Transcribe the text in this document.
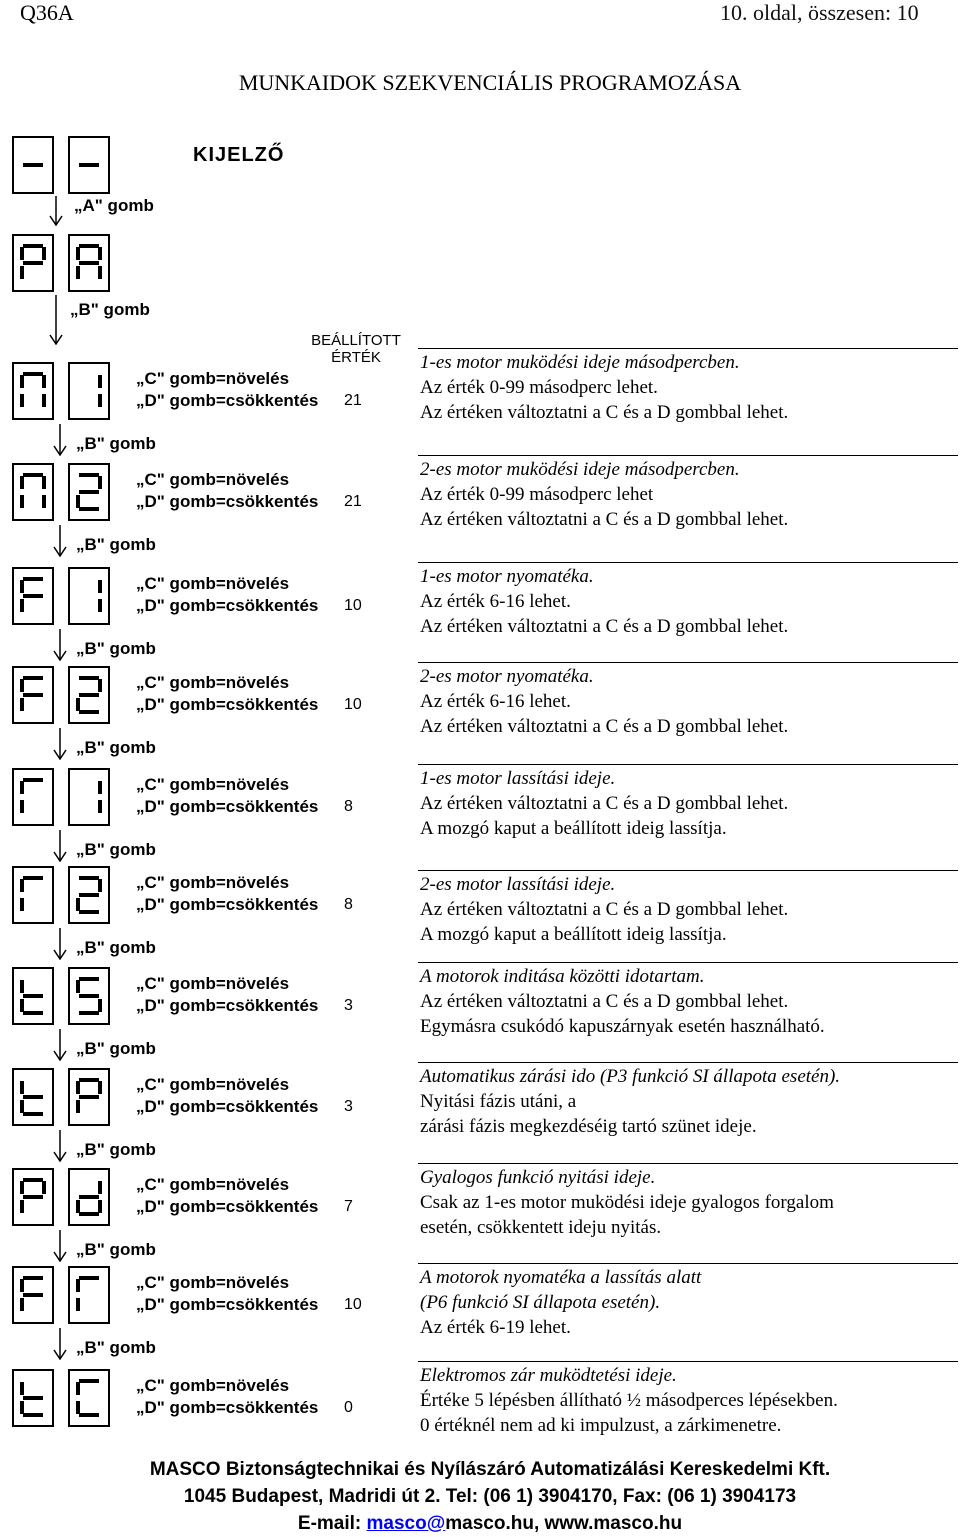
Q36A	10. oldal, összesen: 10
MUNKAIDOK SZEKVENCIÁLIS PROGRAMOZÁSA
KIJELZŐ
BEÁLLÍTOTT
ÉRTÉK
„A" gomb
„B" gomb
„C" gomb=növelés
„D" gomb=csökkentés 21
„B" gomb
„C" gomb=növelés
„D" gomb=csökkentés 21
„B" gomb
„C" gomb=növelés
„D" gomb=csökkentés 10
„B" gomb
„C" gomb=növelés
„D" gomb=csökkentés 10
„B" gomb
„C" gomb=növelés
„D" gomb=csökkentés 8
„B" gomb
„C" gomb=növelés
„D" gomb=csökkentés 8
„B" gomb
„C" gomb=növelés
„D" gomb=csökkentés 3
„B" gomb
„C" gomb=növelés
„D" gomb=csökkentés 3
„B" gomb
„C" gomb=növelés
„D" gomb=csökkentés 7
„B" gomb
„C" gomb=növelés
„D" gomb=csökkentés 10
„B" gomb
„C" gomb=növelés
„D" gomb=csökkentés 0
1-es motor muködési ideje másodpercben.
Az érték 0-99 másodperc lehet.
Az értéken változtatni a C és a D gombbal lehet.
2-es motor muködési ideje másodpercben.
Az érték 0-99 másodperc lehet
Az értéken változtatni a C és a D gombbal lehet.
1-es motor nyomatéka.
Az érték 6-16 lehet.
Az értéken változtatni a C és a D gombbal lehet.
2-es motor nyomatéka.
Az érték 6-16 lehet.
Az értéken változtatni a C és a D gombbal lehet.
1-es motor lassítási ideje.
Az értéken változtatni a C és a D gombbal lehet.
A mozgó kaput a beállított ideig lassítja.
2-es motor lassítási ideje.
Az értéken változtatni a C és a D gombbal lehet.
A mozgó kaput a beállított ideig lassítja.
A motorok inditása közötti idotartam.
Az értéken változtatni a C és a D gombbal lehet.
Egymásra csukódó kapuszárnyak esetén használható.
Automatikus zárási ido (P3 funkció SI állapota esetén).
Nyitási fázis utáni, a
zárási fázis megkezdéséig tartó szünet ideje.
Gyalogos funkció nyitási ideje.
Csak az 1-es motor muködési ideje gyalogos forgalom
esetén, csökkentett ideju nyitás.
A motorok nyomatéka a lassítás alatt
(P6 funkció SI állapota esetén).
Az érték 6-19 lehet.
Elektromos zár muködtetési ideje.
Értéke 5 lépésben állítható ½ másodperces lépésekben.
0 értéknél nem ad ki impulzust, a zárkimenetre.
MASCO Biztonságtechnikai és Nyílászáró Automatizálási Kereskedelmi Kft.
1045 Budapest, Madridi út 2. Tel: (06 1) 3904170, Fax: (06 1) 3904173
E-mail: masco@masco.hu, www.masco.hu
